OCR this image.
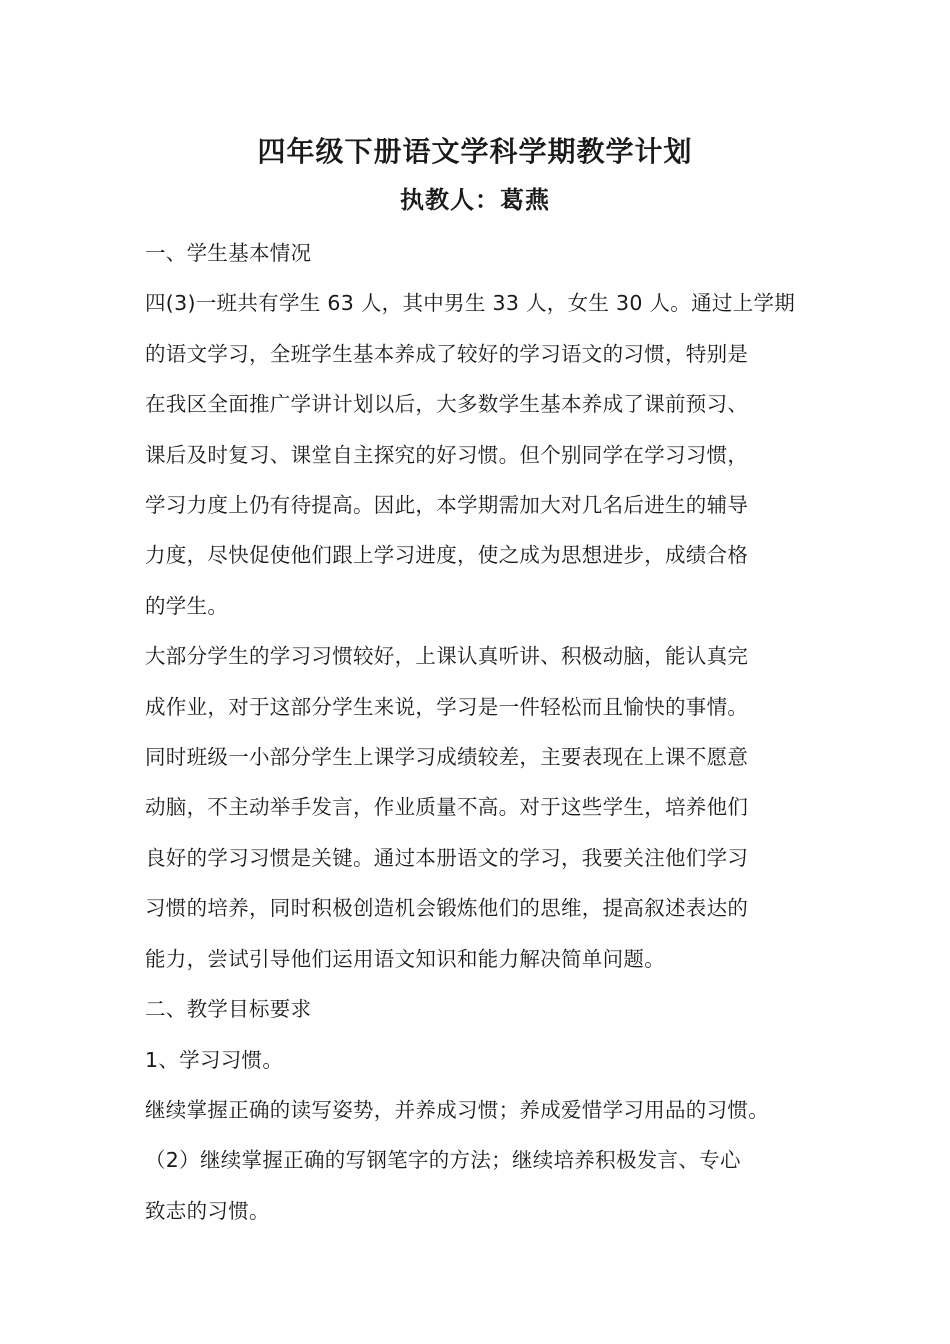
四年级下册语文学科学期教学计划
执教人：葛燕
一、学生基本情况
四(3)一班共有学生 63 人，其中男生 33 人，女生 30 人。通过上学期
的语文学习，全班学生基本养成了较好的学习语文的习惯，特别是
在我区全面推广学讲计划以后，大多数学生基本养成了课前预习、
课后及时复习、课堂自主探究的好习惯。但个别同学在学习习惯，
学习力度上仍有待提高。因此，本学期需加大对几名后进生的辅导
力度，尽快促使他们跟上学习进度，使之成为思想进步，成绩合格
的学生。
大部分学生的学习习惯较好，上课认真听讲、积极动脑，能认真完
成作业，对于这部分学生来说，学习是一件轻松而且愉快的事情。
同时班级一小部分学生上课学习成绩较差，主要表现在上课不愿意
动脑，不主动举手发言，作业质量不高。对于这些学生，培养他们
良好的学习习惯是关键。通过本册语文的学习，我要关注他们学习
习惯的培养，同时积极创造机会锻炼他们的思维，提高叙述表达的
能力，尝试引导他们运用语文知识和能力解决简单问题。
二、教学目标要求
1、学习习惯。
继续掌握正确的读写姿势，并养成习惯；养成爱惜学习用品的习惯。
（2）继续掌握正确的写钢笔字的方法；继续培养积极发言、专心
致志的习惯。
